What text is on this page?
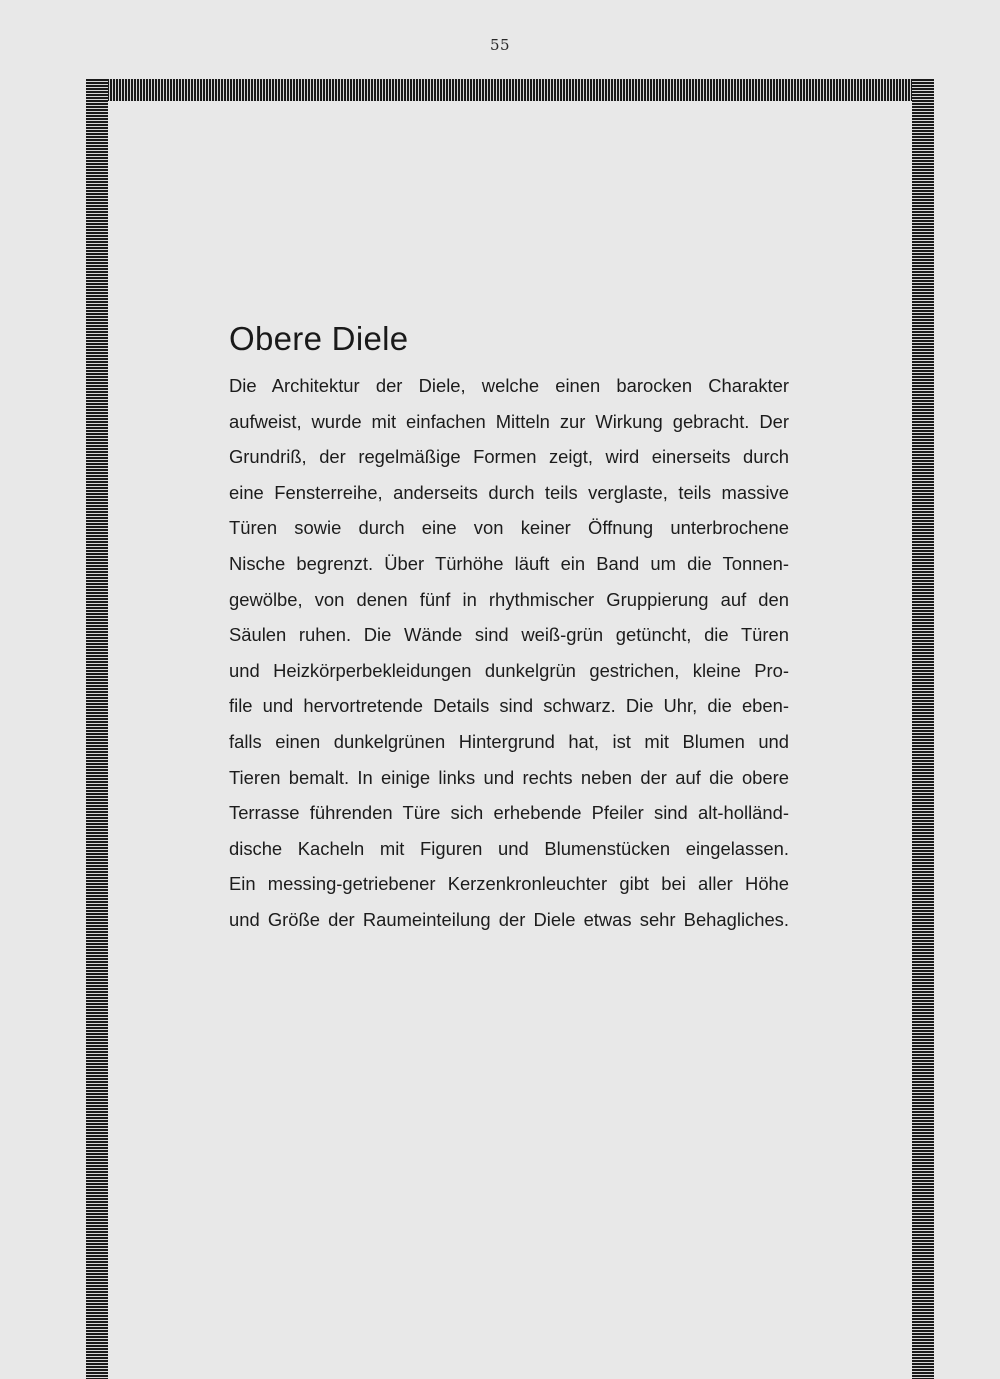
55
Obere Diele
Die Architektur der Diele, welche einen barocken Charakter
aufweist, wurde mit einfachen Mitteln zur Wirkung gebracht. Der
Grundriß, der regelmäßige Formen zeigt, wird einerseits durch
eine Fensterreihe, anderseits durch teils verglaste, teils massive
Türen sowie durch eine von keiner Öffnung unterbrochene
Nische begrenzt. Über Türhöhe läuft ein Band um die Tonnen-
gewölbe, von denen fünf in rhythmischer Gruppierung auf den
Säulen ruhen. Die Wände sind weiß-grün getüncht, die Türen
und Heizkörperbekleidungen dunkelgrün gestrichen, kleine Pro-
file und hervortretende Details sind schwarz. Die Uhr, die eben-
falls einen dunkelgrünen Hintergrund hat, ist mit Blumen und
Tieren bemalt. In einige links und rechts neben der auf die obere
Terrasse führenden Türe sich erhebende Pfeiler sind alt-holländ-
dische Kacheln mit Figuren und Blumenstücken eingelassen.
Ein messing-getriebener Kerzenkronleuchter gibt bei aller Höhe
und Größe der Raumeinteilung der Diele etwas sehr Behagliches.
